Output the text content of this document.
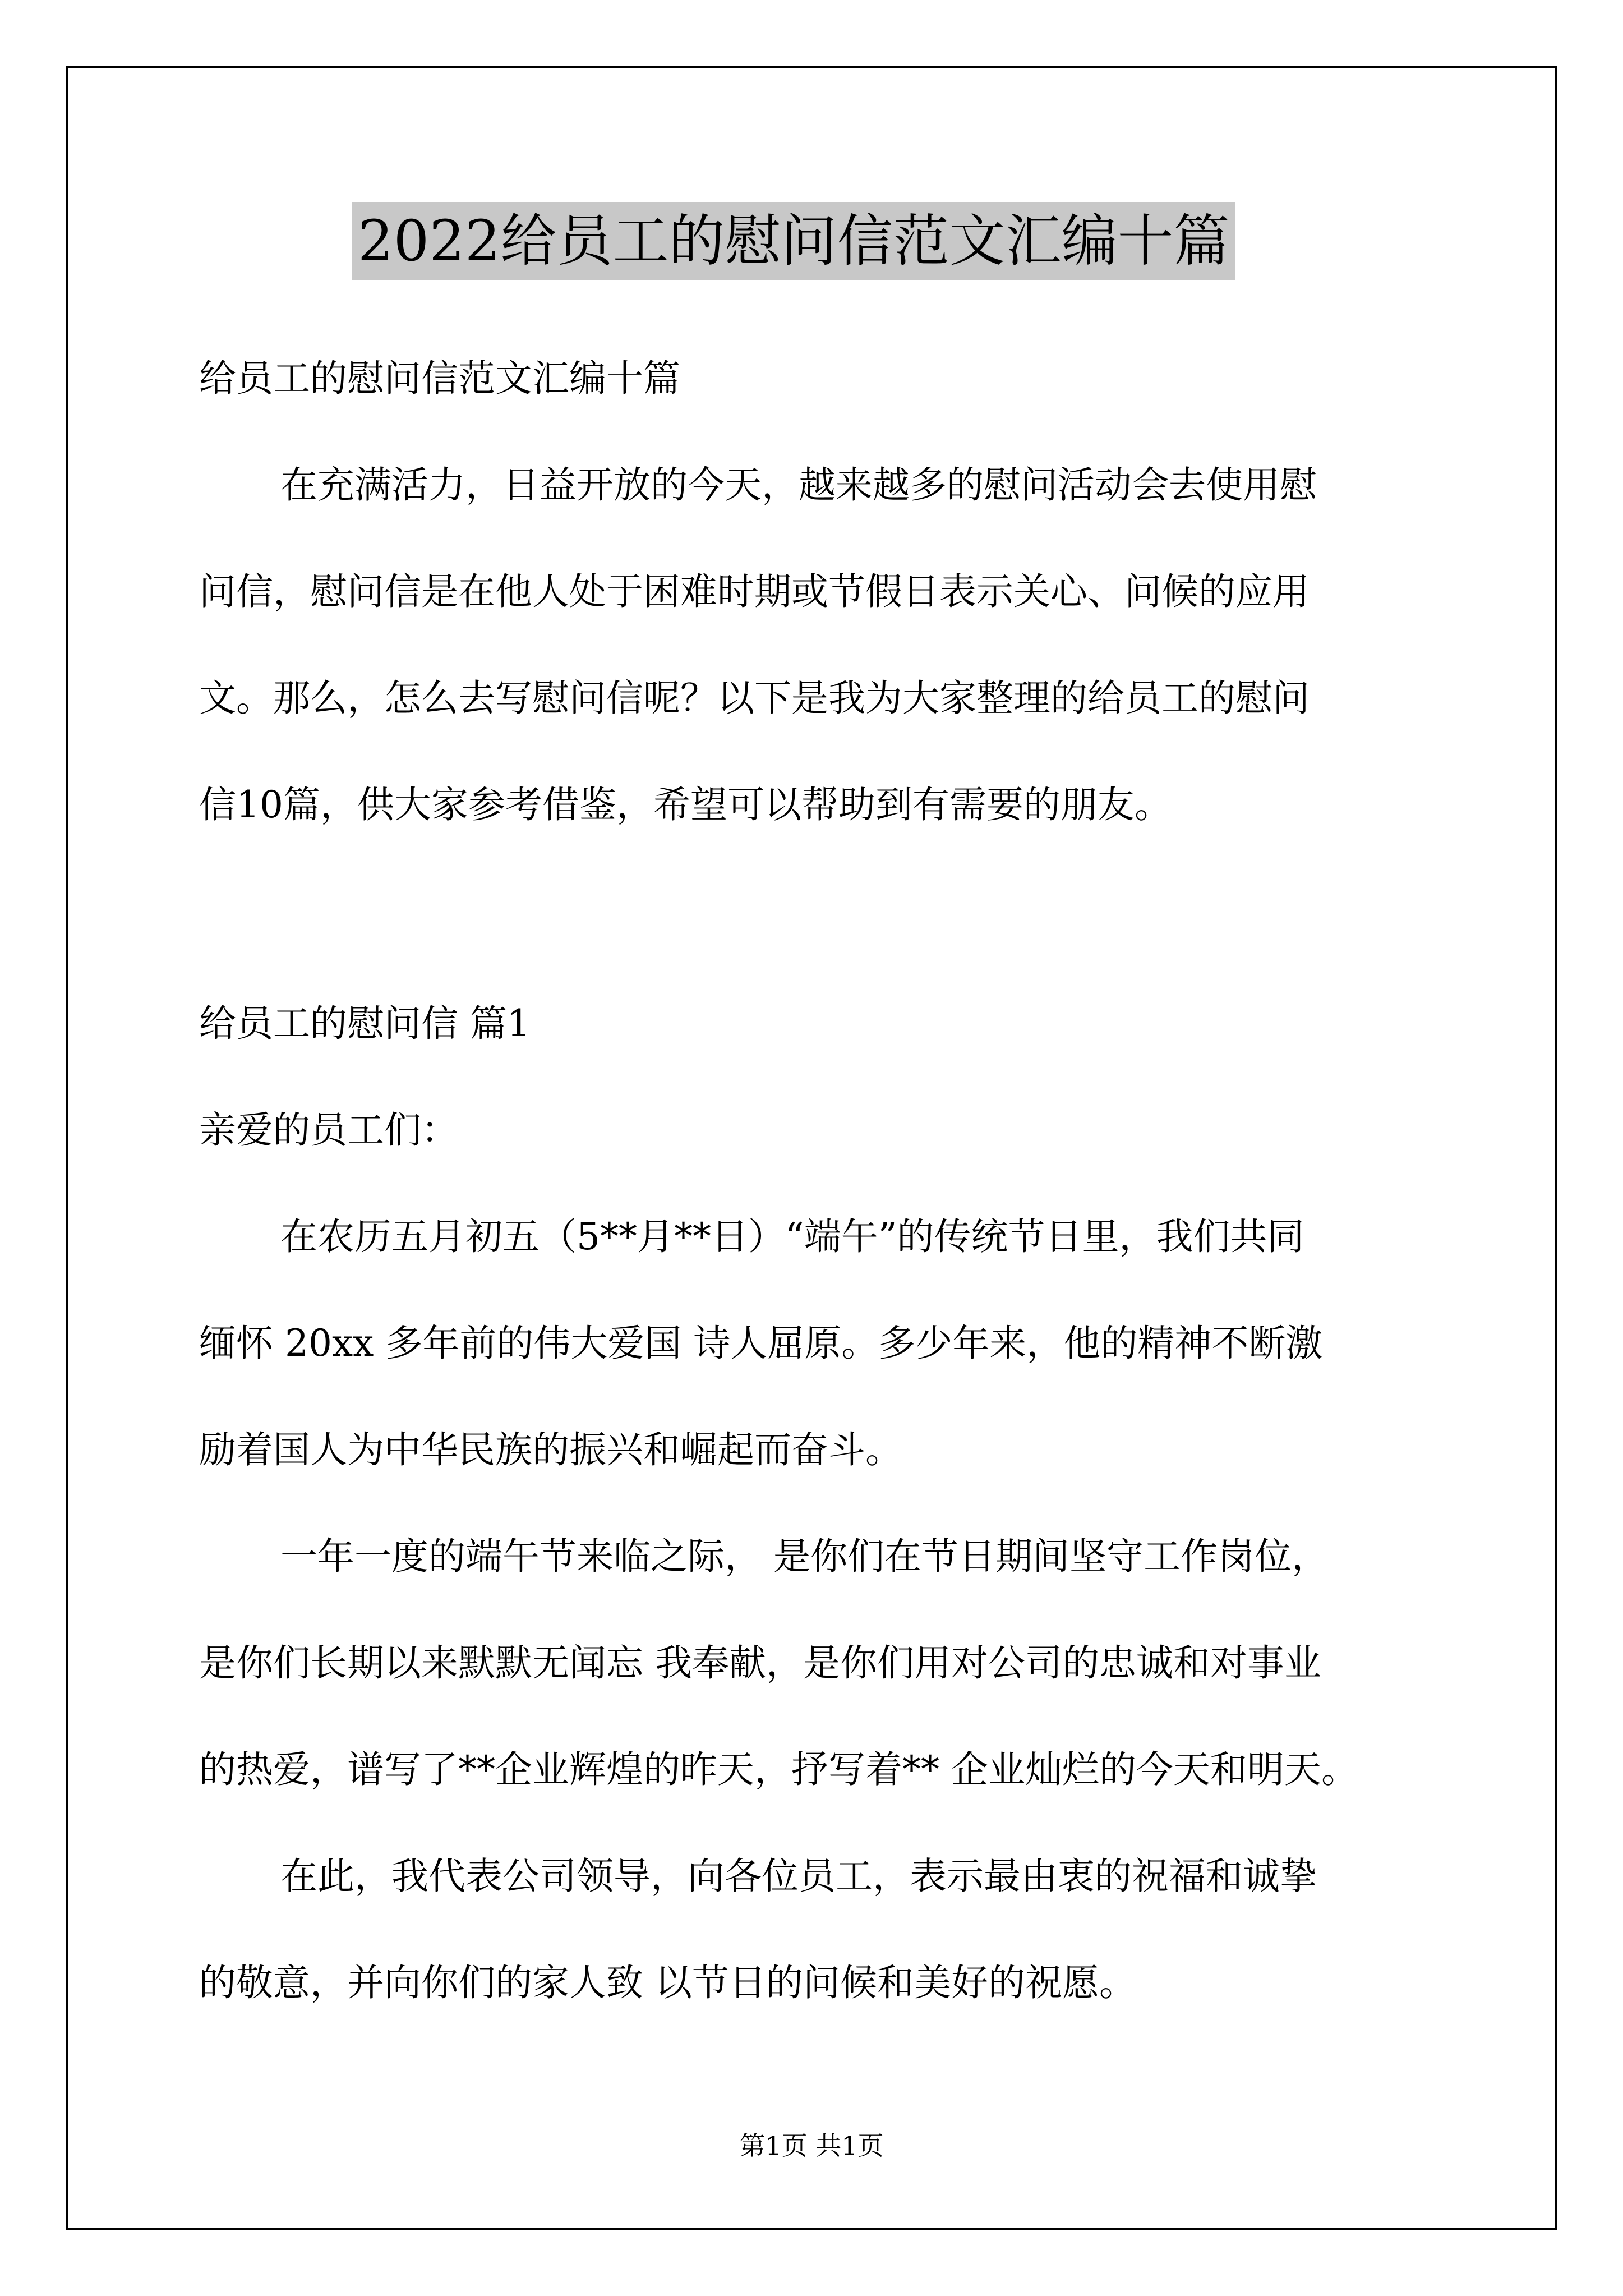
2022给员工的慰问信范文汇编十篇
给员工的慰问信范文汇编十篇
在充满活力，日益开放的今天，越来越多的慰问活动会去使用慰
问信，慰问信是在他人处于困难时期或节假日表示关心、问候的应用
文。那么，怎么去写慰问信呢？以下是我为大家整理的给员工的慰问
信10篇，供大家参考借鉴，希望可以帮助到有需要的朋友。
给员工的慰问信 篇1
亲爱的员工们：
在农历五月初五（5**月**日）“端午”的传统节日里，我们共同
缅怀 20xx 多年前的伟大爱国 诗人屈原。多少年来，他的精神不断激
励着国人为中华民族的振兴和崛起而奋斗。
一年一度的端午节来临之际， 是你们在节日期间坚守工作岗位，
是你们长期以来默默无闻忘 我奉献，是你们用对公司的忠诚和对事业
的热爱，谱写了**企业辉煌的昨天，抒写着** 企业灿烂的今天和明天。
在此，我代表公司领导，向各位员工，表示最由衷的祝福和诚挚
的敬意，并向你们的家人致 以节日的问候和美好的祝愿。
第1页 共1页
